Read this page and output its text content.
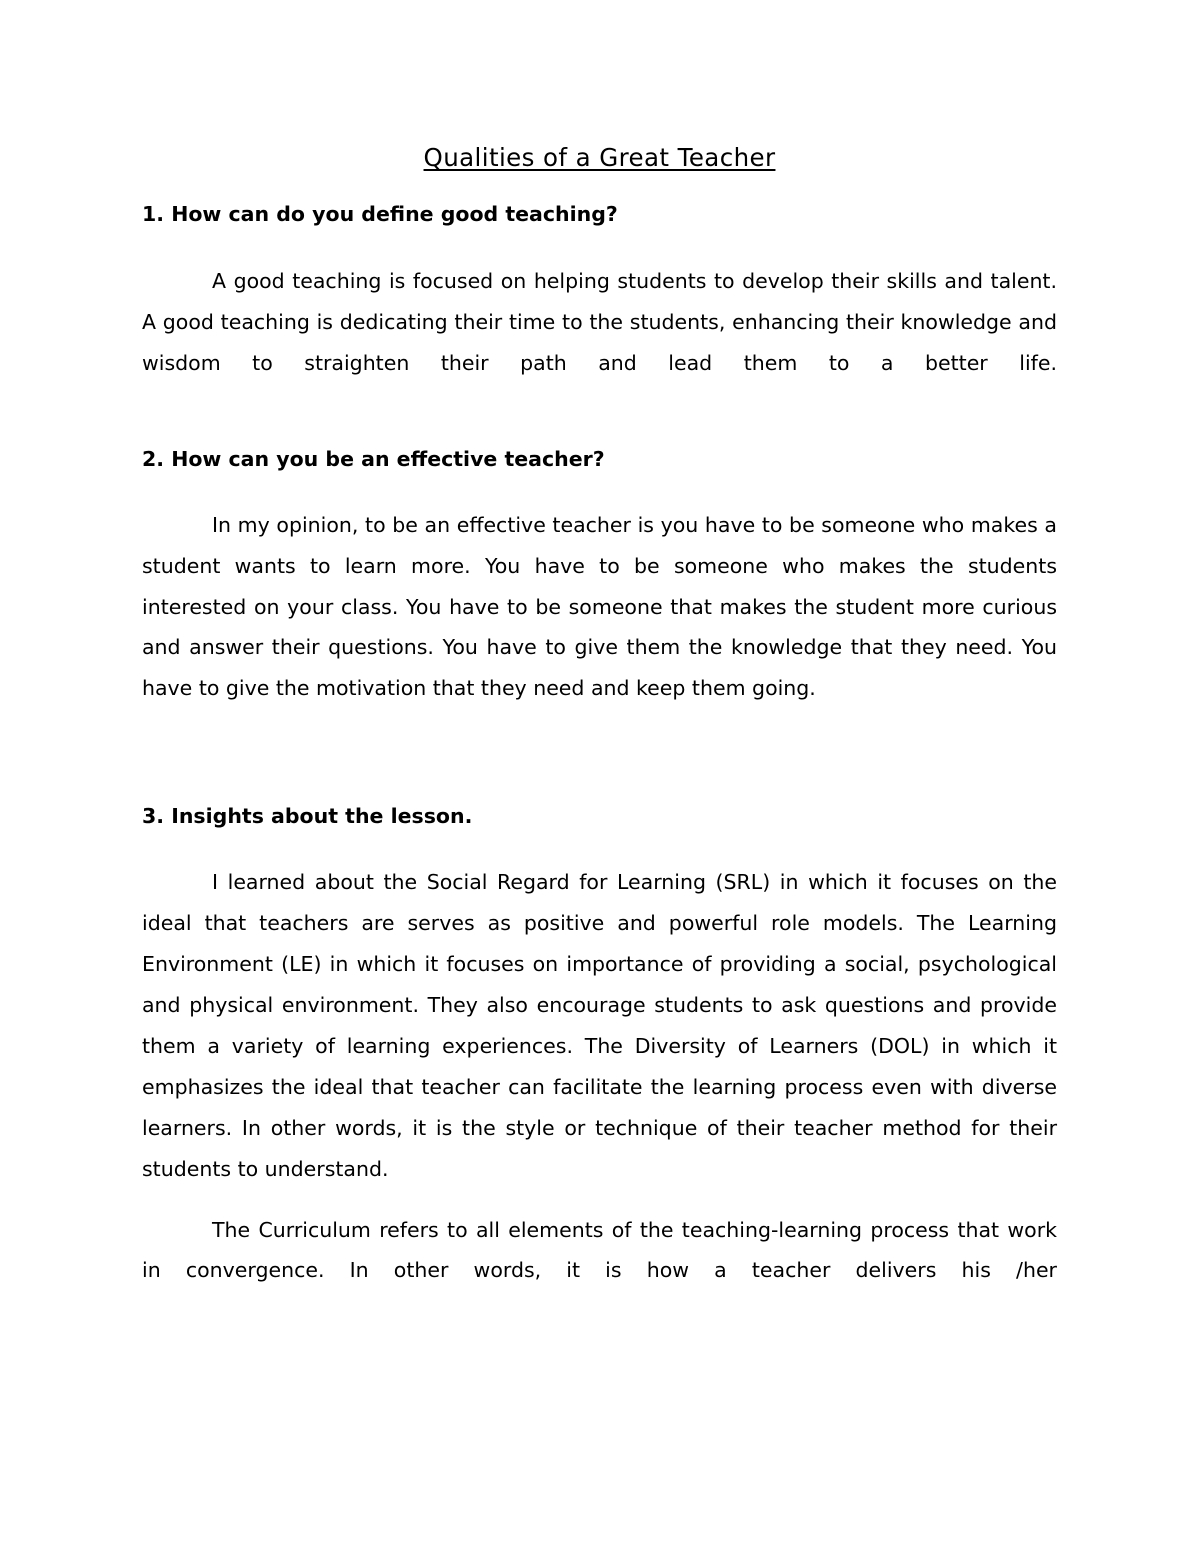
Qualities of a Great Teacher
1. How can do you define good teaching?

A good teaching is focused on helping students to develop their skills and talent. A good teaching is dedicating their time to the students, enhancing their knowledge and wisdom to straighten their path and lead them to a better life.

2. How can you be an effective teacher?

In my opinion, to be an effective teacher is you have to be someone who makes a student wants to learn more. You have to be someone who makes the students interested on your class. You have to be someone that makes the student more curious and answer their questions. You have to give them the knowledge that they need. You have to give the motivation that they need and keep them going.

3. Insights about the lesson.

I learned about the Social Regard for Learning (SRL) in which it focuses on the ideal that teachers are serves as positive and powerful role models. The Learning Environment (LE) in which it focuses on importance of providing a social, psychological and physical environment. They also encourage students to ask questions and provide them a variety of learning experiences. The Diversity of Learners (DOL) in which it emphasizes the ideal that teacher can facilitate the learning process even with diverse learners. In other words, it is the style or technique of their teacher method for their students to understand.

The Curriculum refers to all elements of the teaching-learning process that work in convergence. In other words, it is how a teacher delivers his /her
